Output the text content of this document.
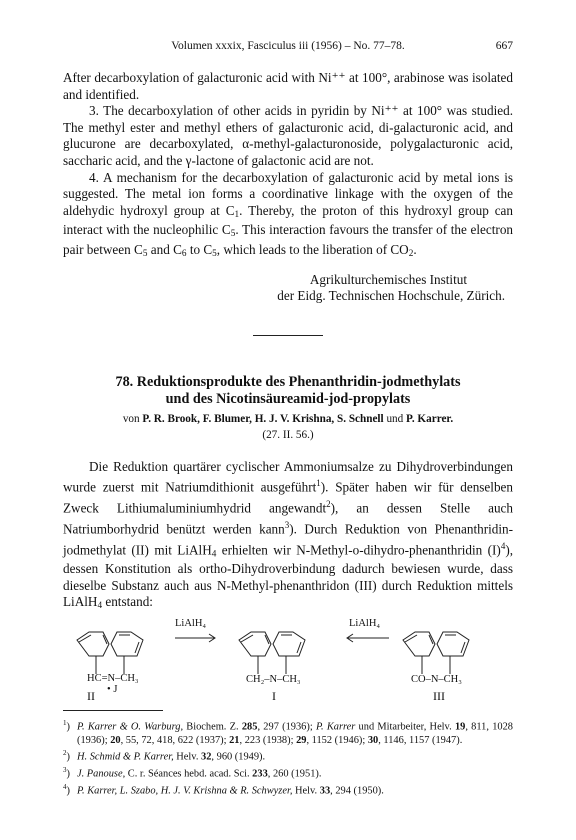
Volumen xxxix, Fasciculus iii (1956) – No. 77–78.	667

After decarboxylation of galacturonic acid with Ni⁺⁺ at 100°, arabinose was isolated and identified.

3. The decarboxylation of other acids in pyridin by Ni⁺⁺ at 100° was studied. The methyl ester and methyl ethers of galacturonic acid, di-galacturonic acid, and glucurone are decarboxylated, α-methyl-galacturonoside, polygalacturonic acid, saccharic acid, and the γ-lactone of galactonic acid are not.

4. A mechanism for the decarboxylation of galacturonic acid by metal ions is suggested. The metal ion forms a coordinative linkage with the oxygen of the aldehydic hydroxyl group at $C_1$. Thereby, the proton of this hydroxyl group can interact with the nucleophilic $C_5$. This interaction favours the transfer of the electron pair between $C_5$ and $C_6$ to $C_5$, which leads to the liberation of $CO_2$.

Agrikulturchemisches Institut
der Eidg. Technischen Hochschule, Zürich.
78. Reduktionsprodukte des Phenanthridin-jodmethylats
und des Nicotinsäureamid-jod-propylats
von P. R. Brook, F. Blumer, H. J. V. Krishna, S. Schnell und P. Karrer.
(27. II. 56.)

Die Reduktion quartärer cyclischer Ammoniumsalze zu Dihydroverbindungen wurde zuerst mit Natriumdithionit ausgeführt$^1$). Später haben wir für denselben Zweck Lithiumaluminiumhydrid angewandt$^2$), an dessen Stelle auch Natriumborhydrid benützt werden kann$^3$). Durch Reduktion von Phenanthridin-jodmethylat (II) mit LiAlH$_4$ erhielten wir N-Methyl-o-dihydro-phenanthridin $(I)^4$), dessen Konstitution als ortho-Dihydroverbindung dadurch bewiesen wurde, dass dieselbe Substanz auch aus N-Methyl-phenanthridon (III) durch Reduktion mittels LiAlH$_4$ entstand:

LiAlH₄	LiAlH₄
HC=N–CH₃
• J
II
CH₂–N–CH₃
I
CO–N–CH₃
III
$^1$) P. Karrer & O. Warburg, Biochem. Z. 285, 297 (1936); P. Karrer und Mitarbeiter, Helv. 19, 811, 1028 (1936); 20, 55, 72, 418, 622 (1937); 21, 223 (1938); 29, 1152 (1946); 30, 1146, 1157 (1947).
$^2$) H. Schmid & P. Karrer, Helv. 32, 960 (1949).
$^3$) J. Panouse, C. r. Séances hebd. acad. Sci. 233, 260 (1951).
$^4$) P. Karrer, L. Szabo, H. J. V. Krishna & R. Schwyzer, Helv. 33, 294 (1950).
